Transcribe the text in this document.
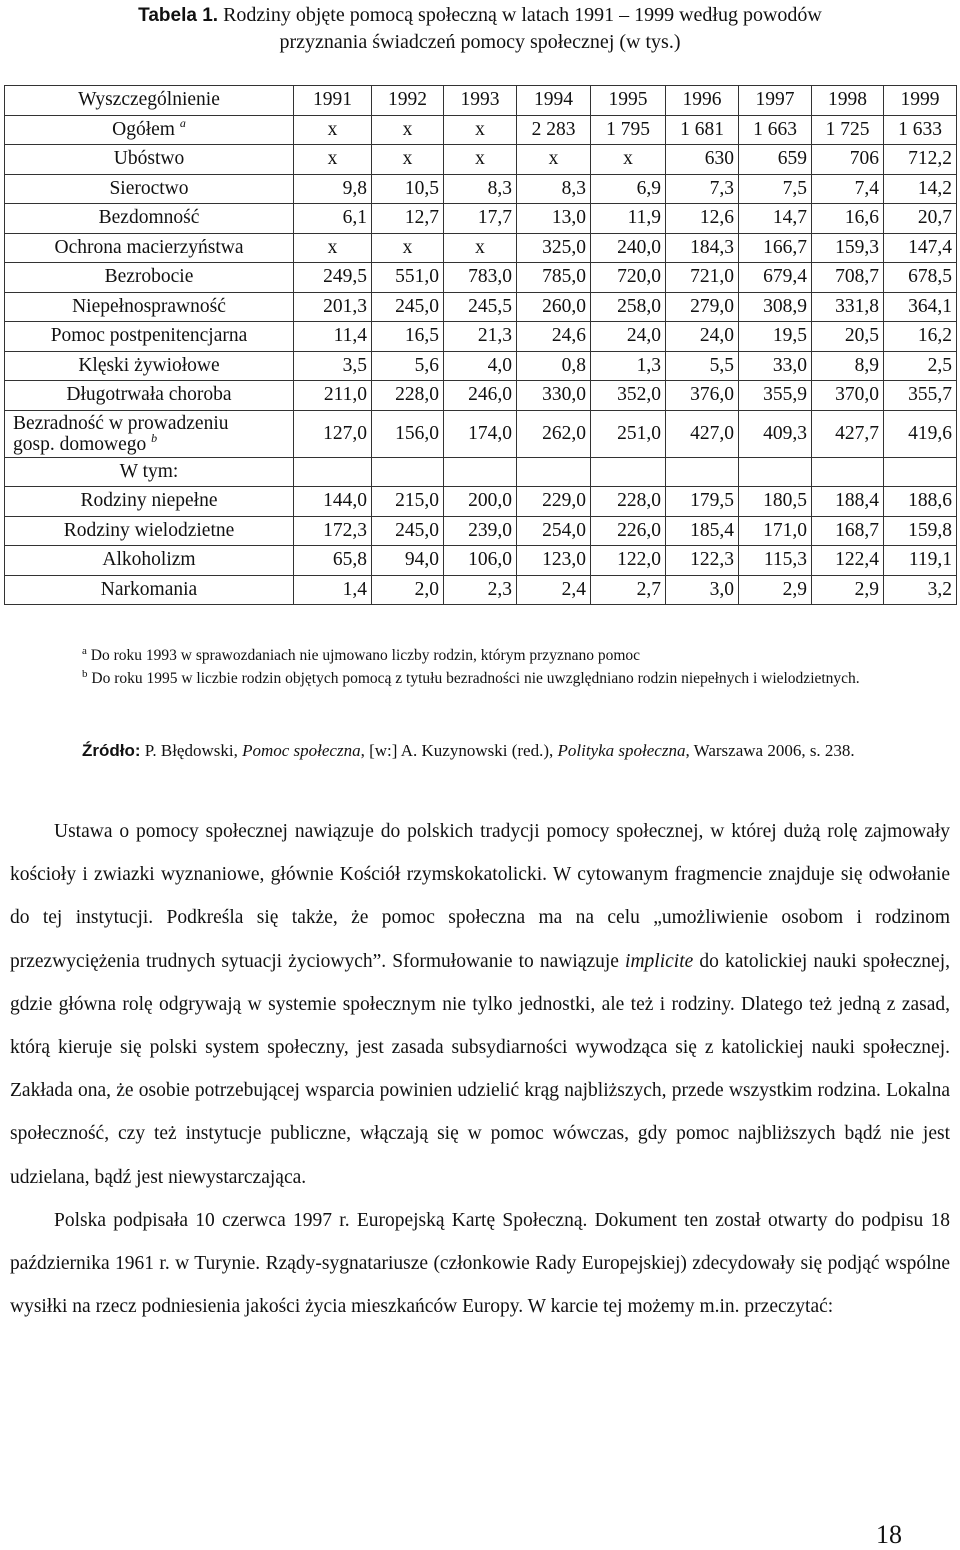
Tabela 1. Rodziny objęte pomocą społeczną w latach 1991 – 1999 według powodów
przyznania świadczeń pomocy społecznej (w tys.)
Wyszczególnienie	1991	1992	1993	1994	1995	1996	1997	1998	1999
Ogółem $^a$	x	x	x	2 283	1 795	1 681	1 663	1 725	1 633
Ubóstwo	x	x	x	x	x	630	659	706	712,2
Sieroctwo	9,8	10,5	8,3	8,3	6,9	7,3	7,5	7,4	14,2
Bezdomność	6,1	12,7	17,7	13,0	11,9	12,6	14,7	16,6	20,7
Ochrona macierzyństwa	x	x	x	325,0	240,0	184,3	166,7	159,3	147,4
Bezrobocie	249,5	551,0	783,0	785,0	720,0	721,0	679,4	708,7	678,5
Niepełnosprawność	201,3	245,0	245,5	260,0	258,0	279,0	308,9	331,8	364,1
Pomoc postpenitencjarna	11,4	16,5	21,3	24,6	24,0	24,0	19,5	20,5	16,2
Klęski żywiołowe	3,5	5,6	4,0	0,8	1,3	5,5	33,0	8,9	2,5
Długotrwała choroba	211,0	228,0	246,0	330,0	352,0	376,0	355,9	370,0	355,7
Bezradność w prowadzeniu
gosp. domowego $^b$	127,0	156,0	174,0	262,0	251,0	427,0	409,3	427,7	419,6
W tym:									
Rodziny niepełne	144,0	215,0	200,0	229,0	228,0	179,5	180,5	188,4	188,6
Rodziny wielodzietne	172,3	245,0	239,0	254,0	226,0	185,4	171,0	168,7	159,8
Alkoholizm	65,8	94,0	106,0	123,0	122,0	122,3	115,3	122,4	119,1
Narkomania	1,4	2,0	2,3	2,4	2,7	3,0	2,9	2,9	3,2

$^a$ Do roku 1993 w sprawozdaniach nie ujmowano liczby rodzin, którym przyznano pomoc

$^b$ Do roku 1995 w liczbie rodzin objętych pomocą z tytułu bezradności nie uwzględniano rodzin niepełnych i wielodzietnych.

Źródło: P. Błędowski, Pomoc społeczna, [w:] A. Kuzynowski (red.), Polityka społeczna, Warszawa 2006, s. 238.

Ustawa o pomocy społecznej nawiązuje do polskich tradycji pomocy społecznej, w której dużą rolę zajmowały kościoły i zwiazki wyznaniowe, głównie Kościół rzymskokatolicki. W cytowanym fragmencie znajduje się odwołanie do tej instytucji. Podkreśla się także, że pomoc społeczna ma na celu „umożliwienie osobom i rodzinom przezwyciężenia trudnych sytuacji życiowych”. Sformułowanie to nawiązuje implicite do katolickiej nauki społecznej, gdzie główna rolę odgrywają w systemie społecznym nie tylko jednostki, ale też i rodziny. Dlatego też jedną z zasad, którą kieruje się polski system społeczny, jest zasada subsydiarności wywodząca się z katolickiej nauki społecznej. Zakłada ona, że osobie potrzebującej wsparcia powinien udzielić krąg najbliższych, przede wszystkim rodzina. Lokalna społeczność, czy też instytucje publiczne, włączają się w pomoc wówczas, gdy pomoc najbliższych bądź nie jest udzielana, bądź jest niewystarczająca.

Polska podpisała 10 czerwca 1997 r. Europejską Kartę Społeczną. Dokument ten został otwarty do podpisu 18 października 1961 r. w Turynie. Rządy-sygnatariusze (członkowie Rady Europejskiej) zdecydowały się podjąć wspólne wysiłki na rzecz podniesienia jakości życia mieszkańców Europy. W karcie tej możemy m.in. przeczytać:

18
